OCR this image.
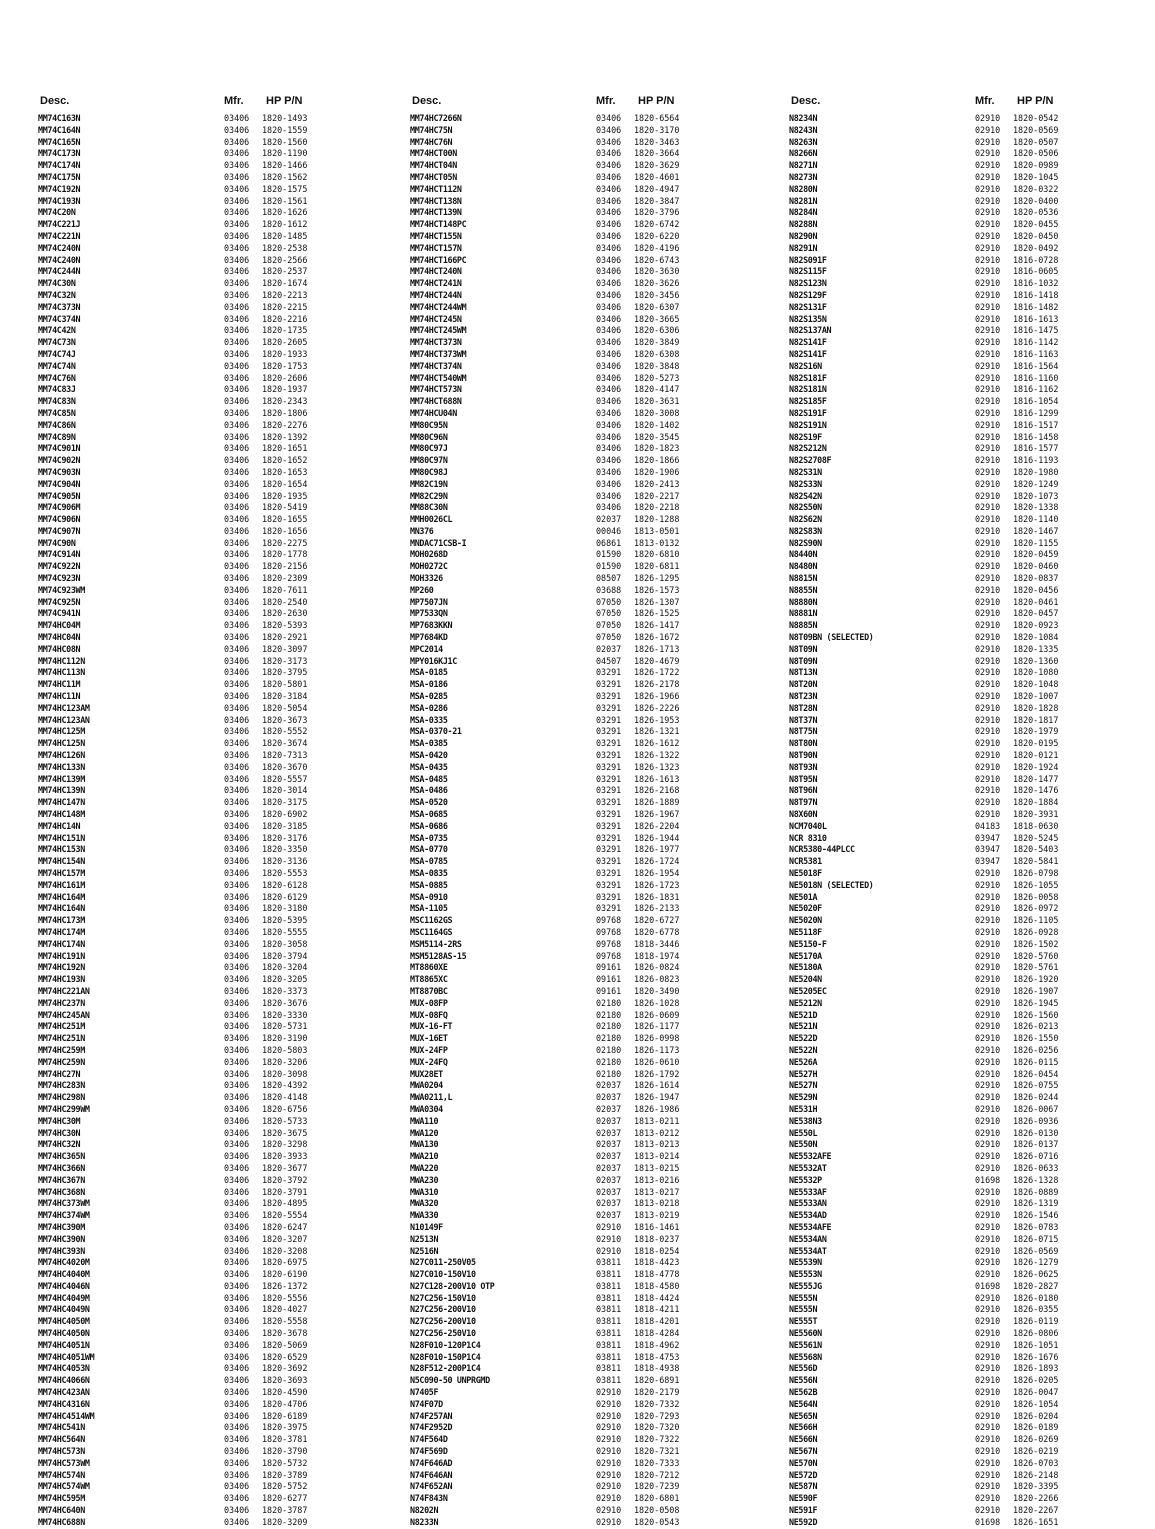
Desc.	Mfr. HP P/N
MM74C163N	03406 1820-1493
MM74C164N	03406 1820-1559
MM74C165N	03406 1820-1560
MM74C173N	03406 1820-1190
MM74C174N	03406 1820-1466
MM74C175N	03406 1820-1562
MM74C192N	03406 1820-1575
MM74C193N	03406 1820-1561
MM74C20N	03406 1820-1626
MM74C221J	03406 1820-1612
MM74C221N	03406 1820-1485
MM74C240N	03406 1820-2538
MM74C240N	03406 1820-2566
MM74C244N	03406 1820-2537
MM74C30N	03406 1820-1674
MM74C32N	03406 1820-2213
MM74C373N	03406 1820-2215
MM74C374N	03406 1820-2216
MM74C42N	03406 1820-1735
MM74C73N	03406 1820-2605
MM74C74J	03406 1820-1933
MM74C74N	03406 1820-1753
MM74C76N	03406 1820-2606
MM74C83J	03406 1820-1937
MM74C83N	03406 1820-2343
MM74C85N	03406 1820-1806
MM74C86N	03406 1820-2276
MM74C89N	03406 1820-1392
MM74C901N	03406 1820-1651
MM74C902N	03406 1820-1652
MM74C903N	03406 1820-1653
MM74C904N	03406 1820-1654
MM74C905N	03406 1820-1935
MM74C906M	03406 1820-5419
MM74C906N	03406 1820-1655
MM74C907N	03406 1820-1656
MM74C90N	03406 1820-2275
MM74C914N	03406 1820-1778
MM74C922N	03406 1820-2156
MM74C923N	03406 1820-2309
MM74C923WM	03406 1820-7611
MM74C925N	03406 1820-2540
MM74C941N	03406 1820-2630
MM74HC04M	03406 1820-5393
MM74HC04N	03406 1820-2921
MM74HC08N	03406 1820-3097
MM74HC112N	03406 1820-3173
MM74HC113N	03406 1820-3795
MM74HC11M	03406 1820-5801
MM74HC11N	03406 1820-3184
MM74HC123AM	03406 1820-5054
MM74HC123AN	03406 1820-3673
MM74HC125M	03406 1820-5552
MM74HC125N	03406 1820-3674
MM74HC126N	03406 1820-7313
MM74HC133N	03406 1820-3670
MM74HC139M	03406 1820-5557
MM74HC139N	03406 1820-3014
MM74HC147N	03406 1820-3175
MM74HC148M	03406 1820-6902
MM74HC14N	03406 1820-3185
MM74HC151N	03406 1820-3176
MM74HC153N	03406 1820-3350
MM74HC154N	03406 1820-3136
MM74HC157M	03406 1820-5553
MM74HC161M	03406 1820-6128
MM74HC164M	03406 1820-6129
MM74HC164N	03406 1820-3180
MM74HC173M	03406 1820-5395
MM74HC174M	03406 1820-5555
MM74HC174N	03406 1820-3058
MM74HC191N	03406 1820-3794
MM74HC192N	03406 1820-3204
MM74HC193N	03406 1820-3205
MM74HC221AN	03406 1820-3373
MM74HC237N	03406 1820-3676
MM74HC245AN	03406 1820-3330
MM74HC251M	03406 1820-5731
MM74HC251N	03406 1820-3190
MM74HC259M	03406 1820-5803
MM74HC259N	03406 1820-3206
MM74HC27N	03406 1820-3098
MM74HC283N	03406 1820-4392
MM74HC298N	03406 1820-4148
MM74HC299WM	03406 1820-6756
MM74HC30M	03406 1820-5733
MM74HC30N	03406 1820-3675
MM74HC32N	03406 1820-3298
MM74HC365N	03406 1820-3933
MM74HC366N	03406 1820-3677
MM74HC367N	03406 1820-3792
MM74HC368N	03406 1820-3791
MM74HC373WM	03406 1820-4895
MM74HC374WM	03406 1820-5554
MM74HC390M	03406 1820-6247
MM74HC390N	03406 1820-3207
MM74HC393N	03406 1820-3208
MM74HC4020M	03406 1820-6975
MM74HC4040M	03406 1820-6190
MM74HC4046N	03406 1826-1372
MM74HC4049M	03406 1820-5556
MM74HC4049N	03406 1820-4027
MM74HC4050M	03406 1820-5558
MM74HC4050N	03406 1820-3678
MM74HC4051N	03406 1820-5069
MM74HC4051WM	03406 1820-6529
MM74HC4053N	03406 1820-3692
MM74HC4066N	03406 1820-3693
MM74HC423AN	03406 1820-4590
MM74HC4316N	03406 1820-4706
MM74HC4514WM	03406 1820-6189
MM74HC541N	03406 1820-3975
MM74HC564N	03406 1820-3781
MM74HC573N	03406 1820-3790
MM74HC573WM	03406 1820-5732
MM74HC574N	03406 1820-3789
MM74HC574WM	03406 1820-5752
MM74HC595M	03406 1820-6277
MM74HC640N	03406 1820-3787
MM74HC688N	03406 1820-3209
Desc.	Mfr. HP P/N
MM74HC7266N	03406 1820-6564
MM74HC75N	03406 1820-3170
MM74HC76N	03406 1820-3463
MM74HCT00N	03406 1820-3664
MM74HCT04N	03406 1820-3629
MM74HCT05N	03406 1820-4601
MM74HCT112N	03406 1820-4947
MM74HCT138N	03406 1820-3847
MM74HCT139N	03406 1820-3796
MM74HCT148PC	03406 1820-6742
MM74HCT155N	03406 1820-6220
MM74HCT157N	03406 1820-4196
MM74HCT166PC	03406 1820-6743
MM74HCT240N	03406 1820-3630
MM74HCT241N	03406 1820-3626
MM74HCT244N	03406 1820-3456
MM74HCT244WM	03406 1820-6307
MM74HCT245N	03406 1820-3665
MM74HCT245WM	03406 1820-6306
MM74HCT373N	03406 1820-3849
MM74HCT373WM	03406 1820-6308
MM74HCT374N	03406 1820-3848
MM74HCT540WM	03406 1820-5273
MM74HCT573N	03406 1820-4147
MM74HCT688N	03406 1820-3631
MM74HCU04N	03406 1820-3008
MM80C95N	03406 1820-1402
MM80C96N	03406 1820-3545
MM80C97J	03406 1820-1823
MM80C97N	03406 1820-1866
MM80C98J	03406 1820-1906
MM82C19N	03406 1820-2413
MM82C29N	03406 1820-2217
MM88C30N	03406 1820-2218
MMH0026CL	02037 1820-1288
MN376	00046 1813-0501
MNDAC71CSB-I	06861 1813-0132
MOH0268D	01590 1820-6810
MOH0272C	01590 1820-6811
MOH3326	08507 1826-1295
MP260	03688 1826-1573
MP7507JN	07050 1826-1307
MP7533QN	07050 1826-1525
MP7683KKN	07050 1826-1417
MP7684KD	07050 1826-1672
MPC2014	02037 1826-1713
MPY016KJ1C	04507 1820-4679
MSA-0185	03291 1826-1722
MSA-0186	03291 1826-2178
MSA-0285	03291 1826-1966
MSA-0286	03291 1826-2226
MSA-0335	03291 1826-1953
MSA-0370-21	03291 1826-1321
MSA-0385	03291 1826-1612
MSA-0420	03291 1826-1322
MSA-0435	03291 1826-1323
MSA-0485	03291 1826-1613
MSA-0486	03291 1826-2168
MSA-0520	03291 1826-1889
MSA-0685	03291 1826-1967
MSA-0686	03291 1826-2204
MSA-0735	03291 1826-1944
MSA-0770	03291 1826-1977
MSA-0785	03291 1826-1724
MSA-0835	03291 1826-1954
MSA-0885	03291 1826-1723
MSA-0910	03291 1826-1831
MSA-1105	03291 1826-2133
MSC1162GS	09768 1820-6727
MSC1164GS	09768 1820-6778
MSM5114-2RS	09768 1818-3446
MSM5128AS-15	09768 1818-1974
MT8860XE	09161 1826-0824
MT8865XC	09161 1826-0823
MT8870BC	09161 1820-3490
MUX-08FP	02180 1826-1028
MUX-08FQ	02180 1826-0609
MUX-16-FT	02180 1826-1177
MUX-16ET	02180 1826-0998
MUX-24FP	02180 1826-1173
MUX-24FQ	02180 1826-0610
MUX28ET	02180 1826-1792
MWA0204	02037 1826-1614
MWA0211,L	02037 1826-1947
MWA0304	02037 1826-1986
MWA110	02037 1813-0211
MWA120	02037 1813-0212
MWA130	02037 1813-0213
MWA210	02037 1813-0214
MWA220	02037 1813-0215
MWA230	02037 1813-0216
MWA310	02037 1813-0217
MWA320	02037 1813-0218
MWA330	02037 1813-0219
N10149F	02910 1816-1461
N2513N	02910 1818-0237
N2516N	02910 1818-0254
N27C011-250V05	03811 1818-4423
N27C010-150V10	03811 1818-4778
N27C128-200V10 OTP	03811 1818-4580
N27C256-150V10	03811 1818-4424
N27C256-200V10	03811 1818-4211
N27C256-200V10	03811 1818-4201
N27C256-250V10	03811 1818-4284
N28F010-120P1C4	03811 1818-4962
N28F010-150P1C4	03811 1818-4753
N28F512-200P1C4	03811 1818-4938
N5C090-50 UNPRGMD	03811 1820-6891
N7405F	02910 1820-2179
N74F07D	02910 1820-7332
N74F257AN	02910 1820-7293
N74F2952D	02910 1820-7320
N74F564D	02910 1820-7322
N74F569D	02910 1820-7321
N74F646AD	02910 1820-7333
N74F646AN	02910 1820-7212
N74F652AN	02910 1820-7239
N74F843N	02910 1820-6801
N8202N	02910 1820-0508
N8233N	02910 1820-0543
Desc.	Mfr. HP P/N
N8234N	02910 1820-0542
N8243N	02910 1820-0569
N8263N	02910 1820-0507
N8266N	02910 1820-0506
N8271N	02910 1820-0989
N8273N	02910 1820-1045
N8280N	02910 1820-0322
N8281N	02910 1820-0400
N8284N	02910 1820-0536
N8288N	02910 1820-0455
N8290N	02910 1820-0450
N8291N	02910 1820-0492
N82S091F	02910 1816-0728
N82S115F	02910 1816-0605
N82S123N	02910 1816-1032
N82S129F	02910 1816-1418
N82S131F	02910 1816-1482
N82S135N	02910 1816-1613
N82S137AN	02910 1816-1475
N82S141F	02910 1816-1142
N82S141F	02910 1816-1163
N82S16N	02910 1816-1564
N82S181F	02910 1816-1160
N82S181N	02910 1816-1162
N82S185F	02910 1816-1054
N82S191F	02910 1816-1299
N82S191N	02910 1816-1517
N82S19F	02910 1816-1458
N82S212N	02910 1816-1577
N82S2708F	02910 1816-1193
N82S31N	02910 1820-1980
N82S33N	02910 1820-1249
N82S42N	02910 1820-1073
N82S50N	02910 1820-1338
N82S62N	02910 1820-1140
N82S83N	02910 1820-1467
N82S90N	02910 1820-1155
N8440N	02910 1820-0459
N8480N	02910 1820-0460
N8815N	02910 1820-0837
N8855N	02910 1820-0456
N8880N	02910 1820-0461
N8881N	02910 1820-0457
N8885N	02910 1820-0923
N8T09BN (SELECTED)	02910 1820-1084
N8T09N	02910 1820-1335
N8T09N	02910 1820-1360
N8T13N	02910 1820-1080
N8T20N	02910 1820-1048
N8T23N	02910 1820-1007
N8T28N	02910 1820-1828
N8T37N	02910 1820-1817
N8T75N	02910 1820-1979
N8T80N	02910 1820-0195
N8T90N	02910 1820-0121
N8T93N	02910 1820-1924
N8T95N	02910 1820-1477
N8T96N	02910 1820-1476
N8T97N	02910 1820-1884
N8X60N	02910 1820-3931
NCM7040L	04183 1818-0630
NCR 8310	03947 1820-5245
NCR5380-44PLCC	03947 1820-5403
NCR5381	03947 1820-5841
NE5018F	02910 1826-0798
NE5018N (SELECTED)	02910 1826-1055
NE501A	02910 1826-0058
NE5020F	02910 1826-0972
NE5020N	02910 1826-1105
NE5118F	02910 1826-0928
NE5150-F	02910 1826-1502
NE5170A	02910 1820-5760
NE5180A	02910 1820-5761
NE5204N	02910 1826-1920
NE5205EC	02910 1826-1907
NE5212N	02910 1826-1945
NE521D	02910 1826-1560
NE521N	02910 1826-0213
NE522D	02910 1826-1550
NE522N	02910 1826-0256
NE526A	02910 1826-0115
NE527H	02910 1826-0454
NE527N	02910 1826-0755
NE529N	02910 1826-0244
NE531H	02910 1826-0067
NE538N3	02910 1826-0936
NE550L	02910 1826-0130
NE550N	02910 1826-0137
NE5532AFE	02910 1826-0716
NE5532AT	02910 1826-0633
NE5532P	01698 1826-1328
NE5533AF	02910 1826-0889
NE5533AN	02910 1826-1319
NE5534AD	02910 1826-1546
NE5534AFE	02910 1826-0783
NE5534AN	02910 1826-0715
NE5534AT	02910 1826-0569
NE5539N	02910 1826-1279
NE5553N	02910 1826-0625
NE555JG	01698 1820-2827
NE555N	02910 1826-0180
NE555N	02910 1826-0355
NE555T	02910 1826-0119
NE5560N	02910 1826-0806
NE5561N	02910 1826-1051
NE5568N	02910 1826-1676
NE556D	02910 1826-1893
NE556N	02910 1826-0205
NE562B	02910 1826-0047
NE564N	02910 1826-1054
NE565N	02910 1826-0204
NE566H	02910 1826-0189
NE566N	02910 1826-0269
NE567N	02910 1826-0219
NE570N	02910 1826-0703
NE572D	02910 1826-2148
NE587N	02910 1820-3395
NE590F	02910 1820-2266
NE591F	02910 1820-2267
NE592D	01698 1826-1651
